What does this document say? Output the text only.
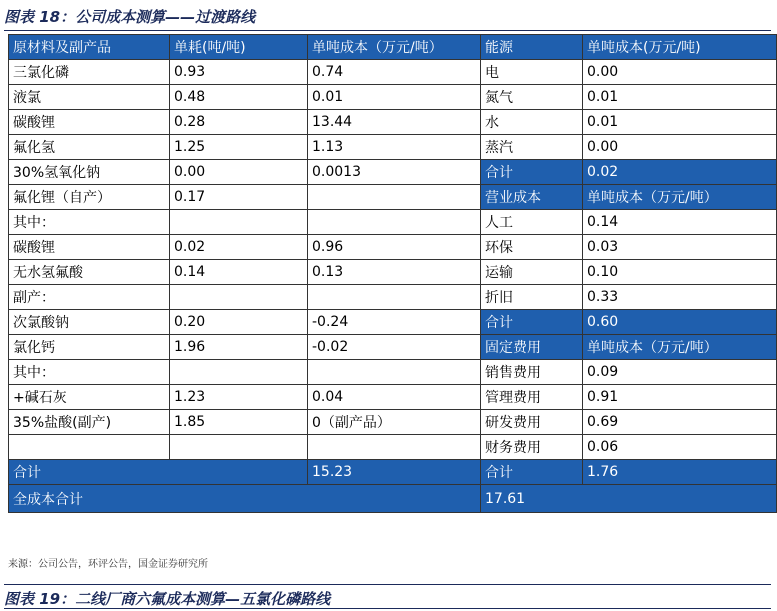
图表 18：公司成本测算——过渡路线
原材料及副产品	单耗(吨/吨)	单吨成本（万元/吨）	能源	单吨成本(万元/吨)
三氯化磷	0.93	0.74	电	0.00
液氯	0.48	0.01	氮气	0.01
碳酸锂	0.28	13.44	水	0.01
氟化氢	1.25	1.13	蒸汽	0.00
30%氢氧化钠	0.00	0.0013	合计	0.02
氟化锂（自产）	0.17		营业成本	单吨成本（万元/吨）
其中：			人工	0.14
碳酸锂	0.02	0.96	环保	0.03
无水氢氟酸	0.14	0.13	运输	0.10
副产：			折旧	0.33
次氯酸钠	0.20	-0.24	合计	0.60
氯化钙	1.96	-0.02	固定费用	单吨成本（万元/吨）
其中：			销售费用	0.09
+碱石灰	1.23	0.04	管理费用	0.91
35%盐酸(副产)	1.85	0（副产品）	研发费用	0.69
			财务费用	0.06
合计		15.23	合计	1.76
全成本合计			17.61	
来源：公司公告，环评公告，国金证券研究所
图表 19：二线厂商六氟成本测算—五氯化磷路线
